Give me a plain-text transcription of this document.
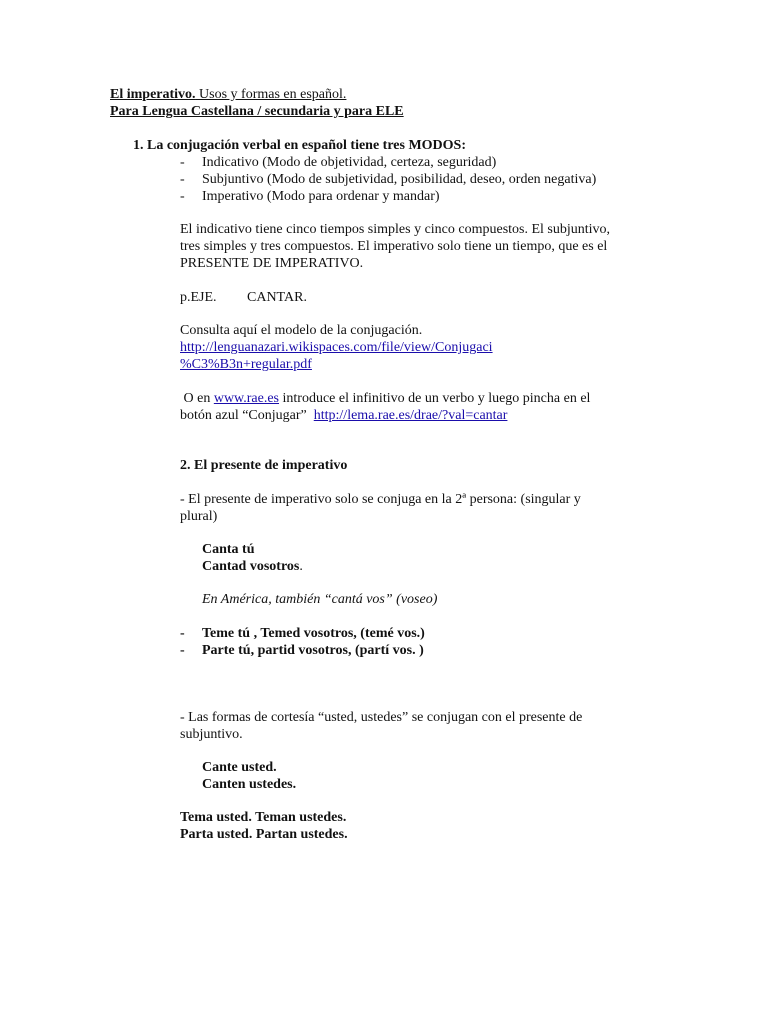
El imperativo. Usos y formas en español.
Para Lengua Castellana / secundaria y para ELE
1. La conjugación verbal en español tiene tres MODOS:
- Indicativo (Modo de objetividad, certeza, seguridad)
- Subjuntivo (Modo de subjetividad, posibilidad, deseo, orden negativa)
- Imperativo (Modo para ordenar y mandar)
El indicativo tiene cinco tiempos simples y cinco compuestos. El subjuntivo,
tres simples y tres compuestos. El imperativo solo tiene un tiempo, que es el
PRESENTE DE IMPERATIVO.
p.EJE. CANTAR.
Consulta aquí el modelo de la conjugación.
http://lenguanazari.wikispaces.com/file/view/Conjugaci
%C3%B3n+regular.pdf
O en www.rae.es introduce el infinitivo de un verbo y luego pincha en el
botón azul “Conjugar”  http://lema.rae.es/drae/?val=cantar
2. El presente de imperativo
- El presente de imperativo solo se conjuga en la 2ª persona: (singular y
plural)
Canta tú
Cantad vosotros.
En América, también “cantá vos” (voseo)
- Teme tú , Temed vosotros, (temé vos.)
- Parte tú, partid vosotros, (partí vos. )
- Las formas de cortesía “usted, ustedes” se conjugan con el presente de
subjuntivo.
Cante usted.
Canten ustedes.
Tema usted. Teman ustedes.
Parta usted. Partan ustedes.
